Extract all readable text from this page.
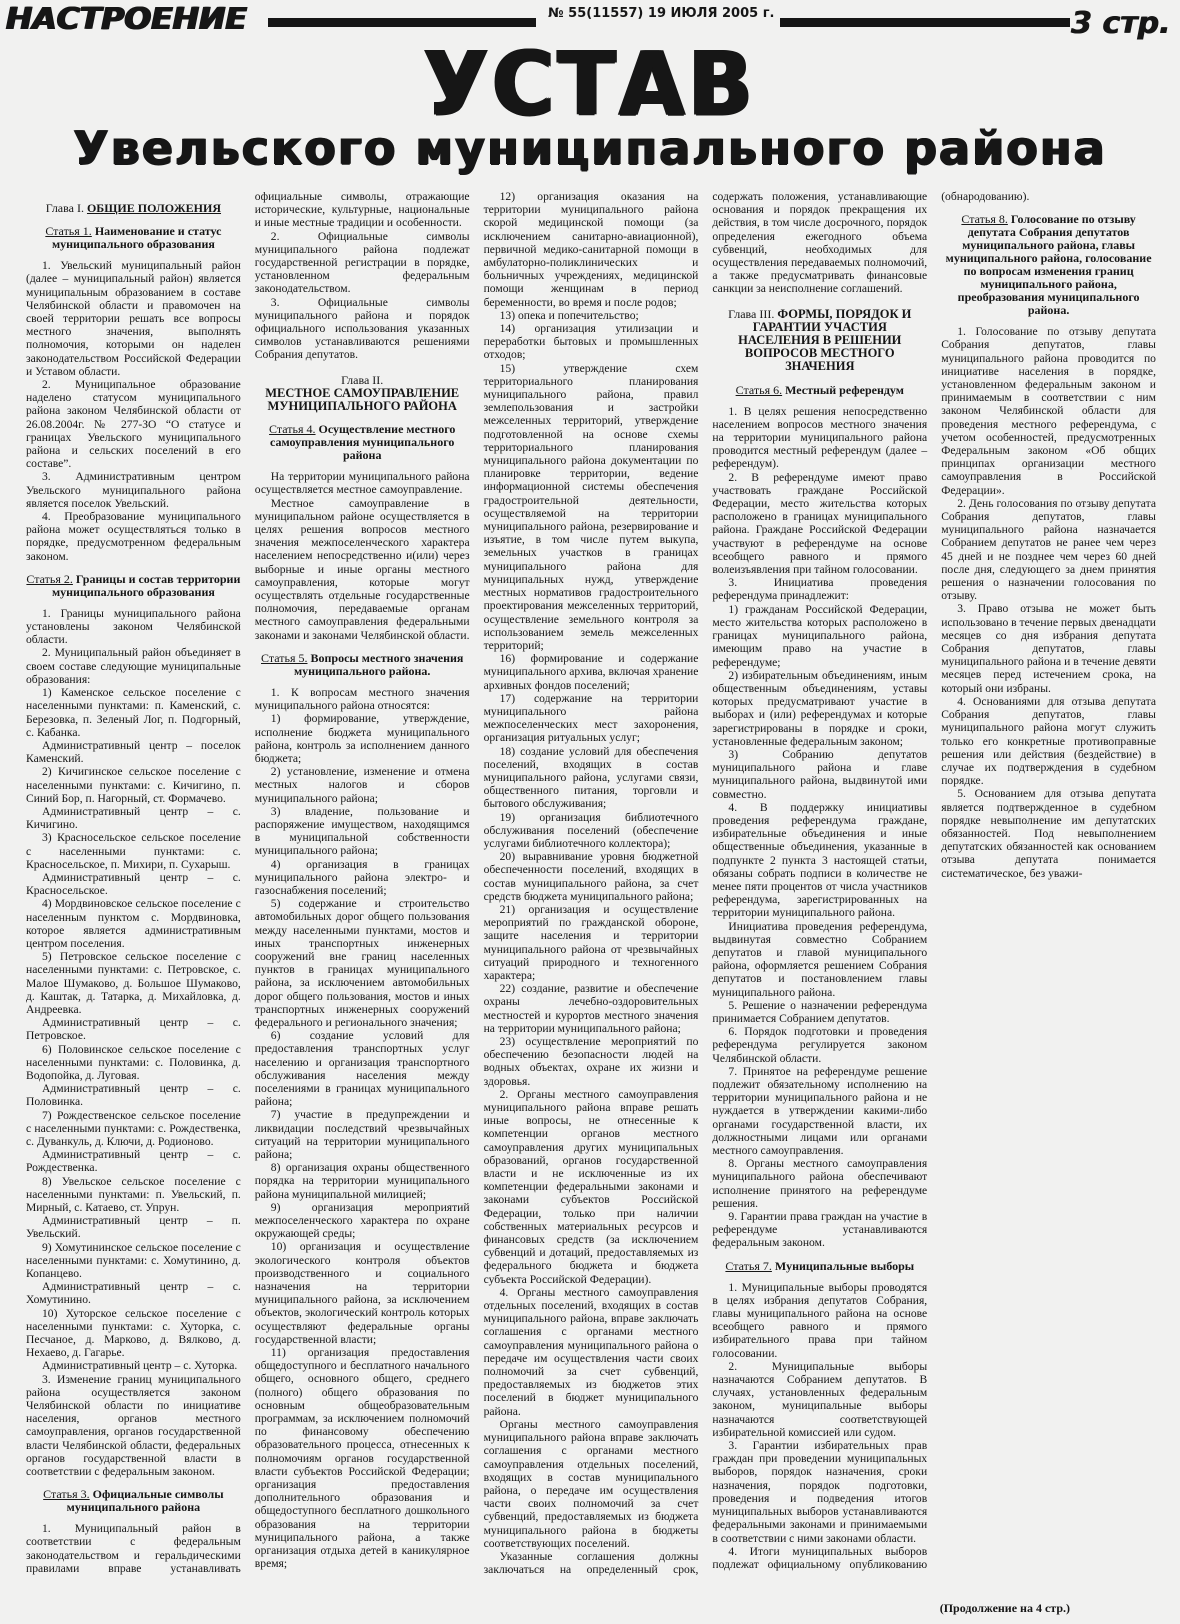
НАСТРОЕНИЕ	№ 55(11557) 19 ИЮЛЯ 2005 г.	3 стр.
УСТАВ
Увельского муниципального района

Глава I. ОБЩИЕ ПОЛОЖЕНИЯ

Статья 1. Наименование и статус муниципального образования

1. Увельский муниципальный район (далее – муниципальный район) является муниципальным образованием в составе Челябинской области и правомочен на своей территории решать все вопросы местного значения, выполнять полномочия, которыми он наделен законодательством Российской Федерации и Уставом области.

2. Муниципальное образование наделено статусом муниципального района законом Челябинской области от 26.08.2004г. № 277-ЗО “О статусе и границах Увельского муниципального района и сельских поселений в его составе”.

3. Административным центром Увельского муниципального района является поселок Увельский.

4. Преобразование муниципального района может осуществляться только в порядке, предусмотренном федеральным законом.

Статья 2. Границы и состав территории муниципального образования

1. Границы муниципального района установлены законом Челябинской области.

2. Муниципальный район объединяет в своем составе следующие муниципальные образования:

1) Каменское сельское поселение с населенными пунктами: п. Каменский, с. Березовка, п. Зеленый Лог, п. Подгорный, с. Кабанка.

Административный центр – поселок Каменский.

2) Кичигинское сельское поселение с населенными пунктами: с. Кичигино, п. Синий Бор, п. Нагорный, ст. Формачево.

Административный центр – с. Кичигино.

3) Красносельское сельское поселение с населенными пунктами: с. Красносельское, п. Михири, п. Сухарыш.

Административный центр – с. Красносельское.

4) Мордвиновское сельское поселение с населенным пунктом с. Мордвиновка, которое является административным центром поселения.

5) Петровское сельское поселение с населенными пунктами: с. Петровское, с. Малое Шумаково, д. Большое Шумаково, д. Каштак, д. Татарка, д. Михайловка, д. Андреевка.

Административный центр – с. Петровское.

6) Половинское сельское поселение с населенными пунктами: с. Половинка, д. Водопойка, д. Луговая.

Административный центр – с. Половинка.

7) Рождественское сельское поселение с населенными пунктами: с. Рождественка, с. Дуванкуль, д. Ключи, д. Родионово.

Административный центр – с. Рождественка.

8) Увельское сельское поселение с населенными пунктами: п. Увельский, п. Мирный, с. Катаево, ст. Упрун.

Административный центр – п. Увельский.

9) Хомутининское сельское поселение с населенными пунктами: с. Хомутинино, д. Копанцево.

Административный центр – с. Хомутинино.

10) Хуторское сельское поселение с населенными пунктами: с. Хуторка, с. Песчаное, д. Марково, д. Вялково, д. Нехаево, д. Гагарье.

Административный центр – с. Хуторка.

3. Изменение границ муниципального района осуществляется законом Челябинской области по инициативе населения, органов местного самоуправления, органов государственной власти Челябинской области, федеральных органов государственной власти в соответствии с федеральным законом.

Статья 3. Официальные символы муниципального района

1. Муниципальный район в соответствии с федеральным законодательством и геральдическими правилами вправе устанавливать официальные символы, отражающие исторические, культурные, национальные и иные местные традиции и особенности.

2. Официальные символы муниципального района подлежат государственной регистрации в порядке, установленном федеральным законодательством.

3. Официальные символы муниципального района и порядок официального использования указанных символов устанавливаются решениями Собрания депутатов.

Глава II.
МЕСТНОЕ САМОУПРАВЛЕНИЕ МУНИЦИПАЛЬНОГО РАЙОНА

Статья 4. Осуществление местного самоуправления муниципального района

На территории муниципального района осуществляется местное самоуправление.

Местное самоуправление в муниципальном районе осуществляется в целях решения вопросов местного значения межпоселенческого характера населением непосредственно и(или) через выборные и иные органы местного самоуправления, которые могут осуществлять отдельные государственные полномочия, передаваемые органам местного самоуправления федеральными законами и законами Челябинской области.

Статья 5. Вопросы местного значения муниципального района.

1. К вопросам местного значения муниципального района относятся:

1) формирование, утверждение, исполнение бюджета муниципального района, контроль за исполнением данного бюджета;

2) установление, изменение и отмена местных налогов и сборов муниципального района;

3) владение, пользование и распоряжение имуществом, находящимся в муниципальной собственности муниципального района;

4) организация в границах муниципального района электро- и газоснабжения поселений;

5) содержание и строительство автомобильных дорог общего пользования между населенными пунктами, мостов и иных транспортных инженерных сооружений вне границ населенных пунктов в границах муниципального района, за исключением автомобильных дорог общего пользования, мостов и иных транспортных инженерных сооружений федерального и регионального значения;

6) создание условий для предоставления транспортных услуг населению и организация транспортного обслуживания населения между поселениями в границах муниципального района;

7) участие в предупреждении и ликвидации последствий чрезвычайных ситуаций на территории муниципального района;

8) организация охраны общественного порядка на территории муниципального района муниципальной милицией;

9) организация мероприятий межпоселенческого характера по охране окружающей среды;

10) организация и осуществление экологического контроля объектов производственного и социального назначения на территории муниципального района, за исключением объектов, экологический контроль которых осуществляют федеральные органы государственной власти;

11) организация предоставления общедоступного и бесплатного начального общего, основного общего, среднего (полного) общего образования по основным общеобразовательным программам, за исключением полномочий по финансовому обеспечению образовательного процесса, отнесенных к полномочиям органов государственной власти субъектов Российской Федерации; организация предоставления дополнительного образования и общедоступного бесплатного дошкольного образования на территории муниципального района, а также организация отдыха детей в каникулярное время;

12) организация оказания на территории муниципального района скорой медицинской помощи (за исключением санитарно-авиационной), первичной медико-санитарной помощи в амбулаторно-поликлинических и больничных учреждениях, медицинской помощи женщинам в период беременности, во время и после родов;

13) опека и попечительство;

14) организация утилизации и переработки бытовых и промышленных отходов;

15) утверждение схем территориального планирования муниципального района, правил землепользования и застройки межселенных территорий, утверждение подготовленной на основе схемы территориального планирования муниципального района документации по планировке территории, ведение информационной системы обеспечения градостроительной деятельности, осуществляемой на территории муниципального района, резервирование и изъятие, в том числе путем выкупа, земельных участков в границах муниципального района для муниципальных нужд, утверждение местных нормативов градостроительного проектирования межселенных территорий, осуществление земельного контроля за использованием земель межселенных территорий;

16) формирование и содержание муниципального архива, включая хранение архивных фондов поселений;

17) содержание на территории муниципального района межпоселенческих мест захоронения, организация ритуальных услуг;

18) создание условий для обеспечения поселений, входящих в состав муниципального района, услугами связи, общественного питания, торговли и бытового обслуживания;

19) организация библиотечного обслуживания поселений (обеспечение услугами библиотечного коллектора);

20) выравнивание уровня бюджетной обеспеченности поселений, входящих в состав муниципального района, за счет средств бюджета муниципального района;

21) организация и осуществление мероприятий по гражданской обороне, защите населения и территории муниципального района от чрезвычайных ситуаций природного и техногенного характера;

22) создание, развитие и обеспечение охраны лечебно-оздоровительных местностей и курортов местного значения на территории муниципального района;

23) осуществление мероприятий по обеспечению безопасности людей на водных объектах, охране их жизни и здоровья.

2. Органы местного самоуправления муниципального района вправе решать иные вопросы, не отнесенные к компетенции органов местного самоуправления других муниципальных образований, органов государственной власти и не исключенные из их компетенции федеральными законами и законами субъектов Российской Федерации, только при наличии собственных материальных ресурсов и финансовых средств (за исключением субвенций и дотаций, предоставляемых из федерального бюджета и бюджета субъекта Российской Федерации).

4. Органы местного самоуправления отдельных поселений, входящих в состав муниципального района, вправе заключать соглашения с органами местного самоуправления муниципального района о передаче им осуществления части своих полномочий за счет субвенций, предоставляемых из бюджетов этих поселений в бюджет муниципального района.

Органы местного самоуправления муниципального района вправе заключать соглашения с органами местного самоуправления отдельных поселений, входящих в состав муниципального района, о передаче им осуществления части своих полномочий за счет субвенций, предоставляемых из бюджета муниципального района в бюджеты соответствующих поселений.

Указанные соглашения должны заключаться на определенный срок, содержать положения, устанавливающие основания и порядок прекращения их действия, в том числе досрочного, порядок определения ежегодного объема субвенций, необходимых для осуществления передаваемых полномочий, а также предусматривать финансовые санкции за неисполнение соглашений.

Глава III. ФОРМЫ, ПОРЯДОК И ГАРАНТИИ УЧАСТИЯ НАСЕЛЕНИЯ В РЕШЕНИИ ВОПРОСОВ МЕСТНОГО ЗНАЧЕНИЯ

Статья 6. Местный референдум

1. В целях решения непосредственно населением вопросов местного значения на территории муниципального района проводится местный референдум (далее – референдум).

2. В референдуме имеют право участвовать граждане Российской Федерации, место жительства которых расположено в границах муниципального района. Граждане Российской Федерации участвуют в референдуме на основе всеобщего равного и прямого волеизъявления при тайном голосовании.

3. Инициатива проведения референдума принадлежит:

1) гражданам Российской Федерации, место жительства которых расположено в границах муниципального района, имеющим право на участие в референдуме;

2) избирательным объединениям, иным общественным объединениям, уставы которых предусматривают участие в выборах и (или) референдумах и которые зарегистрированы в порядке и сроки, установленные федеральным законом;

3) Собранию депутатов муниципального района и главе муниципального района, выдвинутой ими совместно.

4. В поддержку инициативы проведения референдума граждане, избирательные объединения и иные общественные объединения, указанные в подпункте 2 пункта 3 настоящей статьи, обязаны собрать подписи в количестве не менее пяти процентов от числа участников референдума, зарегистрированных на территории муниципального района.

Инициатива проведения референдума, выдвинутая совместно Собранием депутатов и главой муниципального района, оформляется решением Собрания депутатов и постановлением главы муниципального района.

5. Решение о назначении референдума принимается Собранием депутатов.

6. Порядок подготовки и проведения референдума регулируется законом Челябинской области.

7. Принятое на референдуме решение подлежит обязательному исполнению на территории муниципального района и не нуждается в утверждении какими-либо органами государственной власти, их должностными лицами или органами местного самоуправления.

8. Органы местного самоуправления муниципального района обеспечивают исполнение принятого на референдуме решения.

9. Гарантии права граждан на участие в референдуме устанавливаются федеральным законом.

Статья 7. Муниципальные выборы

1. Муниципальные выборы проводятся в целях избрания депутатов Собрания, главы муниципального района на основе всеобщего равного и прямого избирательного права при тайном голосовании.

2. Муниципальные выборы назначаются Собранием депутатов. В случаях, установленных федеральным законом, муниципальные выборы назначаются соответствующей избирательной комиссией или судом.

3. Гарантии избирательных прав граждан при проведении муниципальных выборов, порядок назначения, сроки назначения, порядок подготовки, проведения и подведения итогов муниципальных выборов устанавливаются федеральными законами и принимаемыми в соответствии с ними законами области.

4. Итоги муниципальных выборов подлежат официальному опубликованию (обнародованию).

Статья 8. Голосование по отзыву депутата Собрания депутатов муниципального района, главы муниципального района, голосование по вопросам изменения границ муниципального района, преобразования муниципального района.

1. Голосование по отзыву депутата Собрания депутатов, главы муниципального района проводится по инициативе населения в порядке, установленном федеральным законом и принимаемым в соответствии с ним законом Челябинской области для проведения местного референдума, с учетом особенностей, предусмотренных Федеральным законом «Об общих принципах организации местного самоуправления в Российской Федерации».

2. День голосования по отзыву депутата Собрания депутатов, главы муниципального района назначается Собранием депутатов не ранее чем через 45 дней и не позднее чем через 60 дней после дня, следующего за днем принятия решения о назначении голосования по отзыву.

3. Право отзыва не может быть использовано в течение первых двенадцати месяцев со дня избрания депутата Собрания депутатов, главы муниципального района и в течение девяти месяцев перед истечением срока, на который они избраны.

4. Основаниями для отзыва депутата Собрания депутатов, главы муниципального района могут служить только его конкретные противоправные решения или действия (бездействие) в случае их подтверждения в судебном порядке.

5. Основанием для отзыва депутата является подтвержденное в судебном порядке невыполнение им депутатских обязанностей. Под невыполнением депутатских обязанностей как основанием отзыва депутата понимается систематическое, без уважи-

(Продолжение на 4 стр.)
